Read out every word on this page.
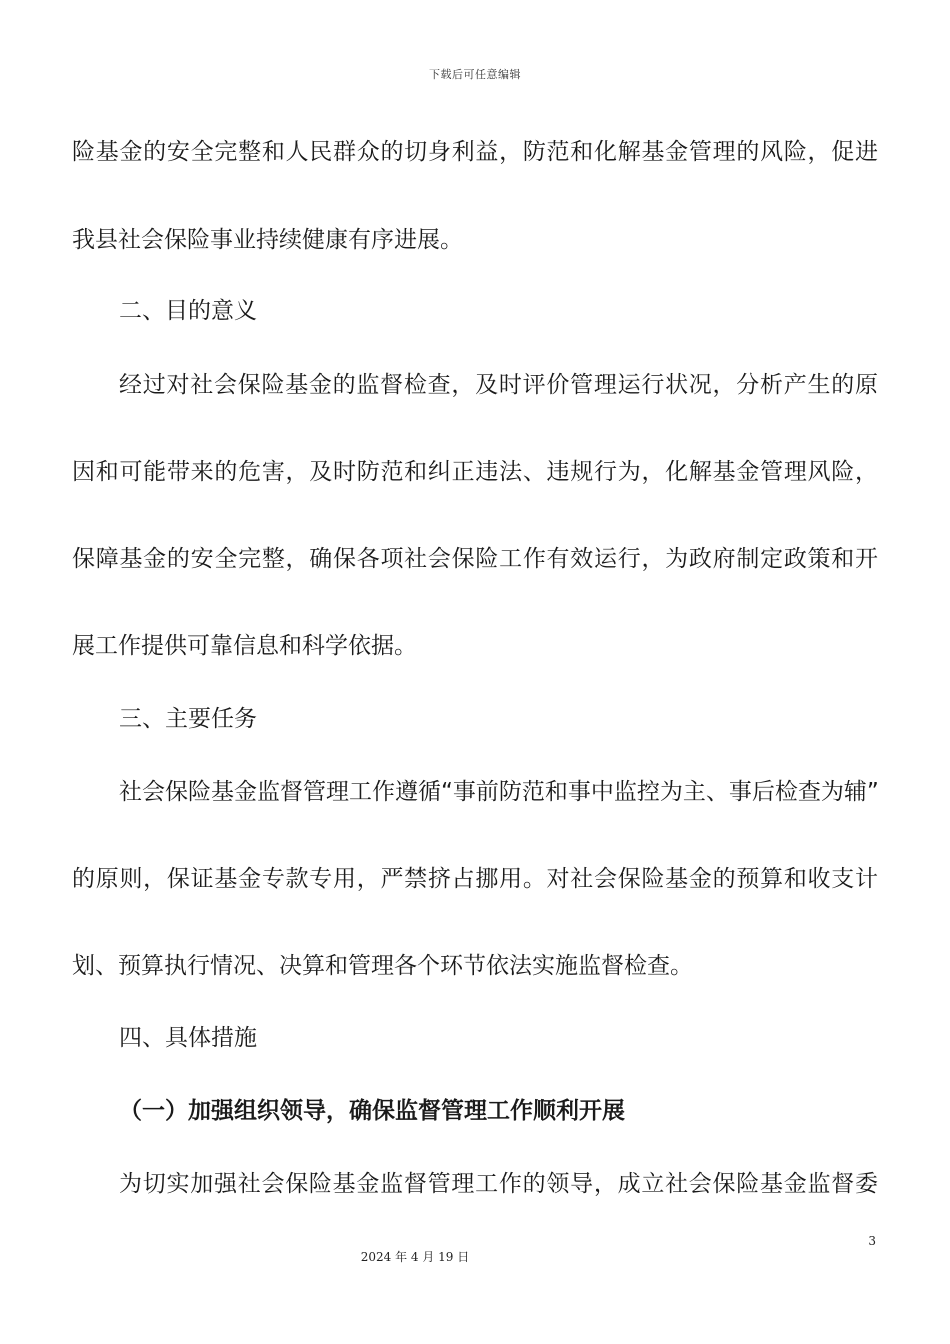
下载后可任意编辑
险基金的安全完整和人民群众的切身利益，防范和化解基金管理的风险，促进
我县社会保险事业持续健康有序进展。
二、目的意义
经过对社会保险基金的监督检查，及时评价管理运行状况，分析产生的原
因和可能带来的危害，及时防范和纠正违法、违规行为，化解基金管理风险，
保障基金的安全完整，确保各项社会保险工作有效运行，为政府制定政策和开
展工作提供可靠信息和科学依据。
三、主要任务
社会保险基金监督管理工作遵循“事前防范和事中监控为主、事后检查为辅”
的原则，保证基金专款专用，严禁挤占挪用。对社会保险基金的预算和收支计
划、预算执行情况、决算和管理各个环节依法实施监督检查。
四、具体措施
（一）加强组织领导，确保监督管理工作顺利开展
为切实加强社会保险基金监督管理工作的领导，成立社会保险基金监督委
3
2024 年 4 月 19 日
